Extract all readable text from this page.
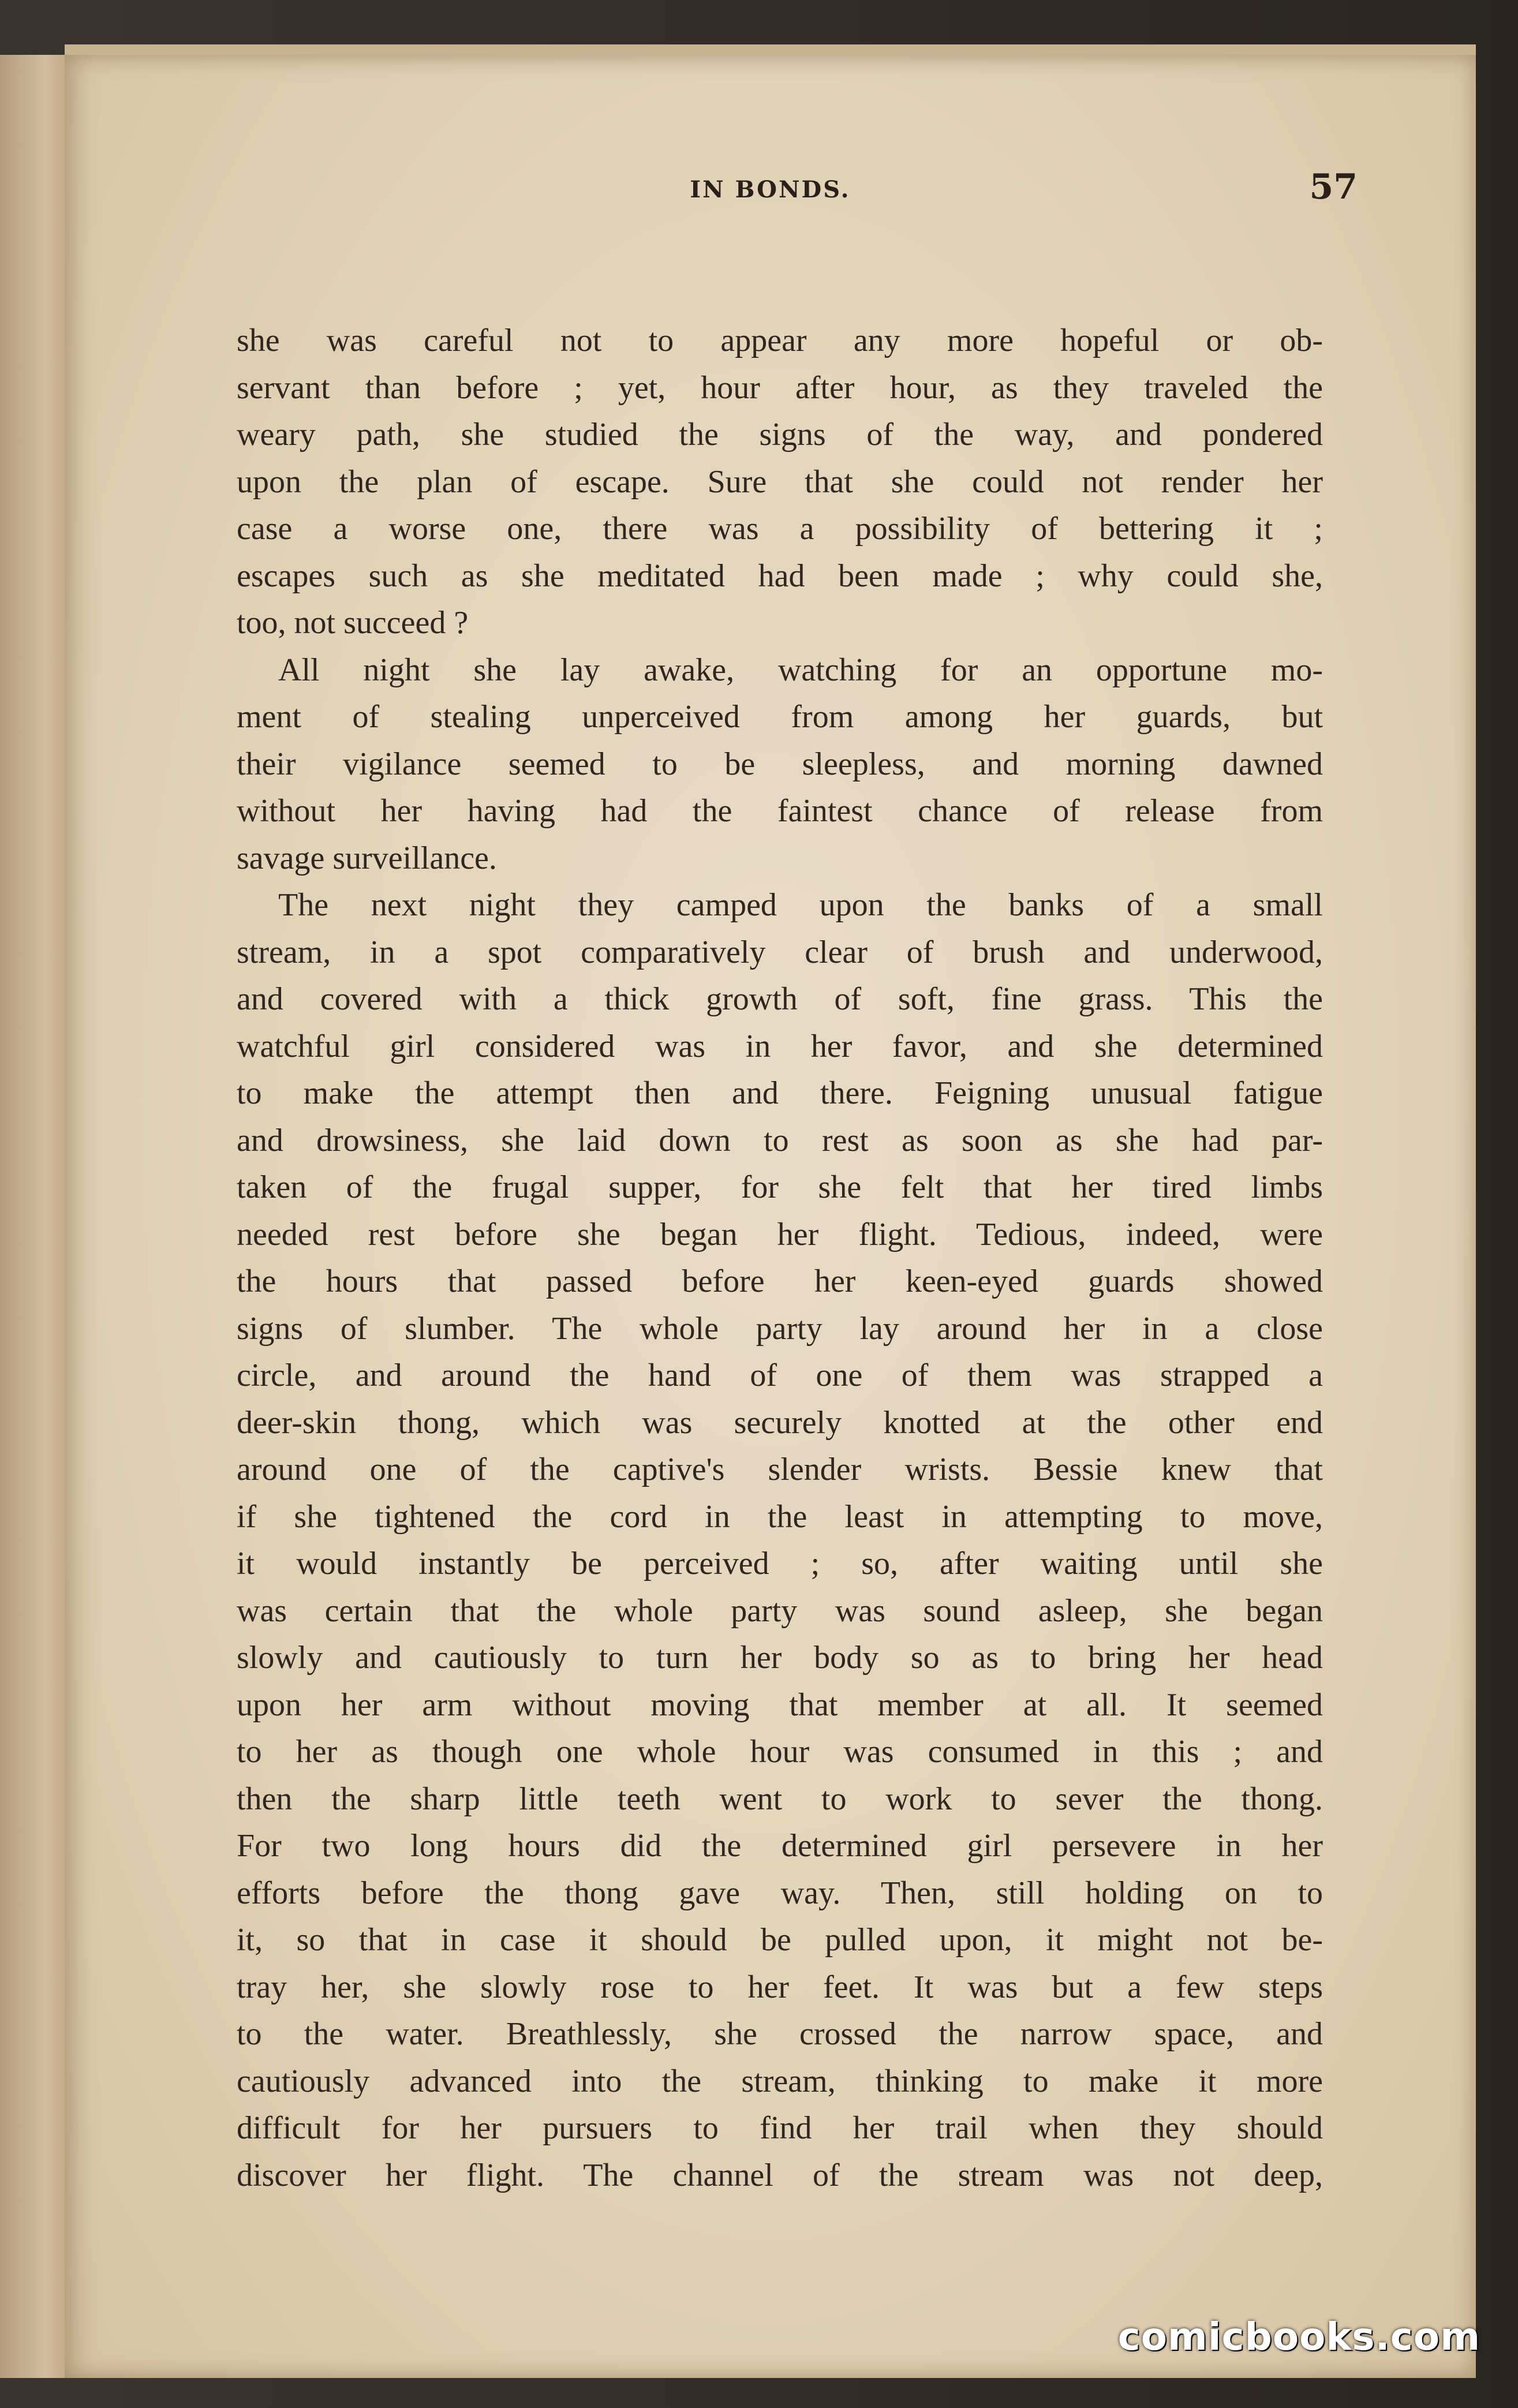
IN BONDS.	57
she was careful not to appear any more hopeful or ob-
servant than before ; yet, hour after hour, as they traveled the
weary path, she studied the signs of the way, and pondered
upon the plan of escape. Sure that she could not render her
case a worse one, there was a possibility of bettering it ;
escapes such as she meditated had been made ; why could she,
too, not succeed ?
All night she lay awake, watching for an opportune mo-
ment of stealing unperceived from among her guards, but
their vigilance seemed to be sleepless, and morning dawned
without her having had the faintest chance of release from
savage surveillance.
The next night they camped upon the banks of a small
stream, in a spot comparatively clear of brush and underwood,
and covered with a thick growth of soft, fine grass. This the
watchful girl considered was in her favor, and she determined
to make the attempt then and there. Feigning unusual fatigue
and drowsiness, she laid down to rest as soon as she had par-
taken of the frugal supper, for she felt that her tired limbs
needed rest before she began her flight. Tedious, indeed, were
the hours that passed before her keen-eyed guards showed
signs of slumber. The whole party lay around her in a close
circle, and around the hand of one of them was strapped a
deer-skin thong, which was securely knotted at the other end
around one of the captive's slender wrists. Bessie knew that
if she tightened the cord in the least in attempting to move,
it would instantly be perceived ; so, after waiting until she
was certain that the whole party was sound asleep, she began
slowly and cautiously to turn her body so as to bring her head
upon her arm without moving that member at all. It seemed
to her as though one whole hour was consumed in this ; and
then the sharp little teeth went to work to sever the thong.
For two long hours did the determined girl persevere in her
efforts before the thong gave way. Then, still holding on to
it, so that in case it should be pulled upon, it might not be-
tray her, she slowly rose to her feet. It was but a few steps
to the water. Breathlessly, she crossed the narrow space, and
cautiously advanced into the stream, thinking to make it more
difficult for her pursuers to find her trail when they should
discover her flight. The channel of the stream was not deep,
comicbooks.com
